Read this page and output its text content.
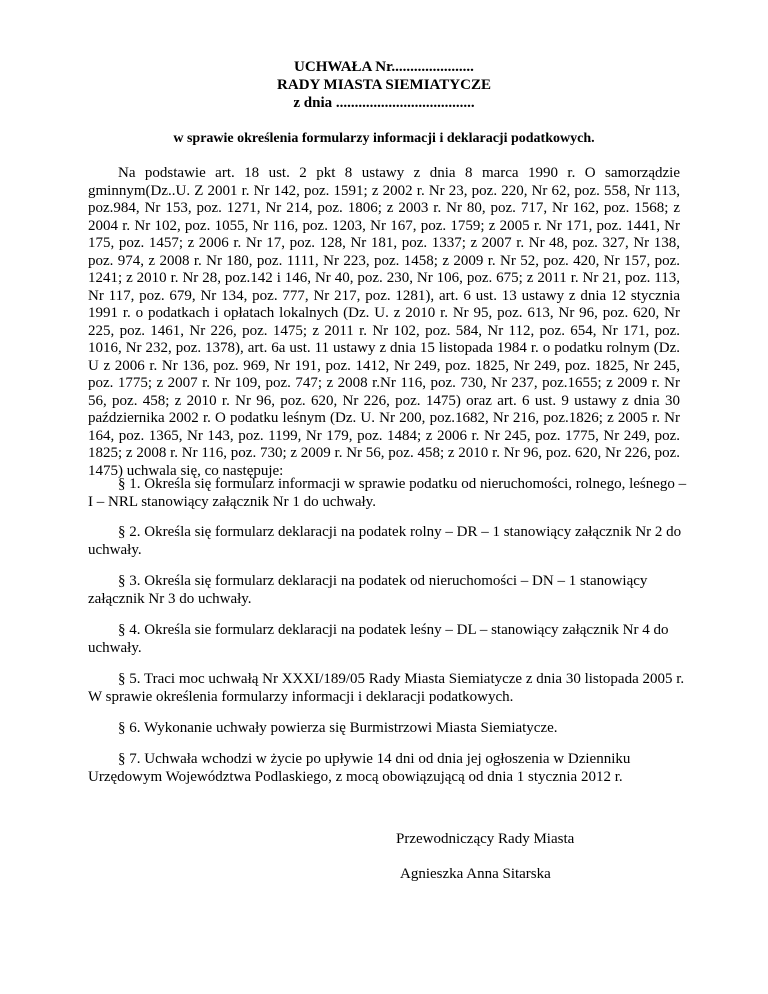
UCHWAŁA Nr......................
RADY MIASTA SIEMIATYCZE
z dnia .....................................
w sprawie określenia formularzy informacji i deklaracji podatkowych.

Na podstawie art. 18 ust. 2 pkt 8 ustawy z dnia 8 marca 1990 r. O samorządzie gminnym(Dz..U. Z 2001 r. Nr 142, poz. 1591; z 2002 r. Nr 23, poz. 220, Nr 62, poz. 558, Nr 113, poz.984, Nr 153, poz. 1271, Nr 214, poz. 1806; z 2003 r. Nr 80, poz. 717, Nr 162, poz. 1568; z 2004 r. Nr 102, poz. 1055, Nr 116, poz. 1203, Nr 167, poz. 1759; z 2005 r. Nr 171, poz. 1441, Nr 175, poz. 1457; z 2006 r. Nr 17, poz. 128, Nr 181, poz. 1337; z 2007 r. Nr 48, poz. 327, Nr 138, poz. 974, z 2008 r. Nr 180, poz. 1111, Nr 223, poz. 1458; z 2009 r. Nr 52, poz. 420, Nr 157, poz. 1241; z 2010 r. Nr 28, poz.142 i 146, Nr 40, poz. 230, Nr 106, poz. 675; z 2011 r. Nr 21, poz. 113, Nr 117, poz. 679, Nr 134, poz. 777, Nr 217, poz. 1281), art. 6 ust. 13 ustawy z dnia 12 stycznia 1991 r. o podatkach i opłatach lokalnych (Dz. U. z 2010 r. Nr 95, poz. 613, Nr 96, poz. 620, Nr 225, poz. 1461, Nr 226, poz. 1475; z 2011 r. Nr 102, poz. 584, Nr 112, poz. 654, Nr 171, poz. 1016, Nr 232, poz. 1378), art. 6a ust. 11 ustawy z dnia 15 listopada 1984 r. o podatku rolnym (Dz. U z 2006 r. Nr 136, poz. 969, Nr 191, poz. 1412, Nr 249, poz. 1825, Nr 249, poz. 1825, Nr 245, poz. 1775; z 2007 r. Nr 109, poz. 747; z 2008 r.Nr 116, poz. 730, Nr 237, poz.1655; z 2009 r. Nr 56, poz. 458; z 2010 r. Nr 96, poz. 620, Nr 226, poz. 1475) oraz art. 6 ust. 9 ustawy z dnia 30 października 2002 r. O podatku leśnym (Dz. U. Nr 200, poz.1682, Nr 216, poz.1826; z 2005 r. Nr 164, poz. 1365, Nr 143, poz. 1199, Nr 179, poz. 1484; z 2006 r. Nr 245, poz. 1775, Nr 249, poz. 1825; z 2008 r. Nr 116, poz. 730; z 2009 r. Nr 56, poz. 458; z 2010 r. Nr 96, poz. 620, Nr 226, poz. 1475) uchwala się, co następuje:

§ 1. Określa się formularz informacji w sprawie podatku od nieruchomości, rolnego, leśnego – I – NRL stanowiący załącznik Nr 1 do uchwały.

§ 2. Określa się formularz deklaracji na podatek rolny – DR – 1 stanowiący załącznik Nr 2 do uchwały.

§ 3. Określa się formularz deklaracji na podatek od nieruchomości – DN – 1 stanowiący załącznik Nr 3 do uchwały.

§ 4. Określa sie formularz deklaracji na podatek leśny – DL – stanowiący załącznik Nr 4 do uchwały.

§ 5. Traci moc uchwałą Nr XXXI/189/05 Rady Miasta Siemiatycze z dnia 30 listopada 2005 r. W sprawie określenia formularzy informacji i deklaracji podatkowych.

§ 6. Wykonanie uchwały powierza się Burmistrzowi Miasta Siemiatycze.

§ 7. Uchwała wchodzi w życie po upływie 14 dni od dnia jej ogłoszenia w Dzienniku Urzędowym Województwa Podlaskiego, z mocą obowiązującą od dnia 1 stycznia 2012 r.

Przewodniczący Rady Miasta
Agnieszka Anna Sitarska
